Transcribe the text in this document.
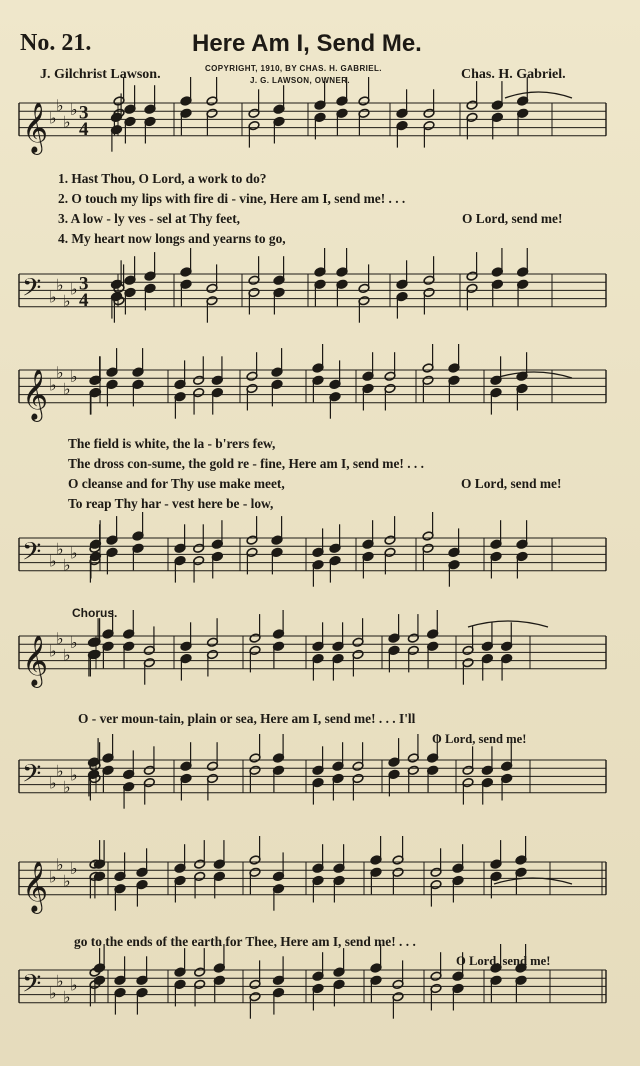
𝄞 ♭
♭
♭
♭ 3
4
𝄢 ♭
♭
♭
♭ 3
4
𝄞 ♭
♭
♭
♭
𝄢 ♭
♭
♭
♭
𝄞 ♭
♭
♭
♭
𝄢 ♭
♭
♭
♭
𝄞 ♭
♭
♭
♭
𝄢 ♭
♭
♭
♭
No. 21.	Here Am I, Send Me.
J. Gilchrist Lawson.	COPYRIGHT, 1910, BY CHAS. H. GABRIEL.
J. G. LAWSON, OWNER.	Chas. H. Gabriel.
1. Hast Thou, O Lord, a work to do?
2. O touch my lips with fire di - vine, Here am I, send me! . . .
3. A low - ly ves - sel at Thy feet,	O Lord, send me!
4. My heart now longs and yearns to go,
The field is white, the la - b'rers few,
The dross con-sume, the gold re - fine, Here am I, send me! . . .
O cleanse and for Thy use make meet,	O Lord, send me!
To reap Thy har - vest here be - low,
Chorus.
O - ver moun-tain, plain or sea, Here am I, send me! . . . I'll
O Lord, send me!
go to the ends of the earth for Thee, Here am I, send me! . . .
O Lord, send me!
